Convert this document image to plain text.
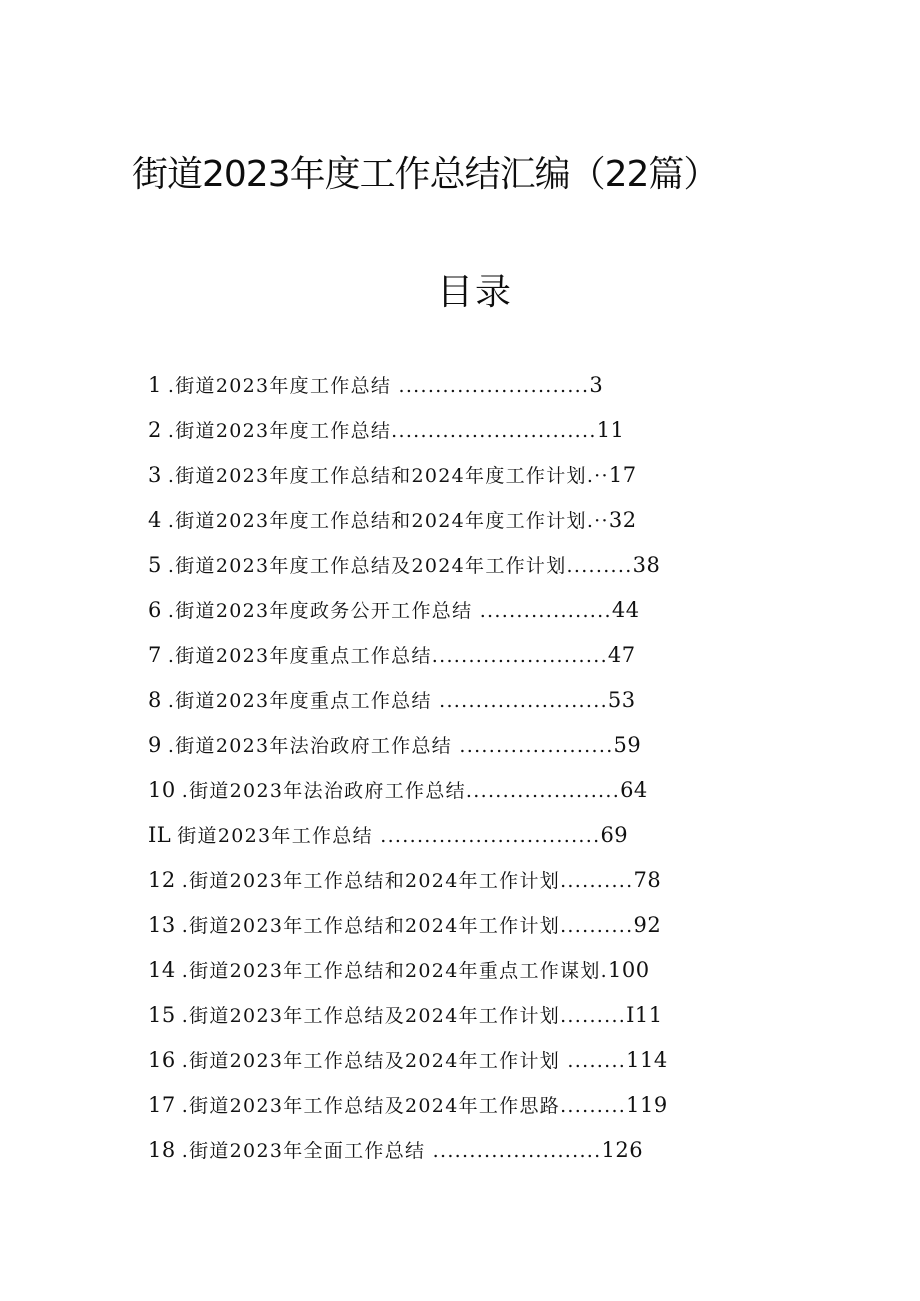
街道2023年度工作总结汇编（22篇）
目录
1 .街道2023年度工作总结 ..........................3
2 .街道2023年度工作总结............................11
3 .街道2023年度工作总结和2024年度工作计划.··17
4 .街道2023年度工作总结和2024年度工作计划.··32
5 .街道2023年度工作总结及2024年工作计划.........38
6 .街道2023年度政务公开工作总结 ..................44
7 .街道2023年度重点工作总结........................47
8 .街道2023年度重点工作总结 .......................53
9 .街道2023年法治政府工作总结 .....................59
10 .街道2023年法治政府工作总结.....................64
IL 街道2023年工作总结 ..............................69
12 .街道2023年工作总结和2024年工作计划..........78
13 .街道2023年工作总结和2024年工作计划..........92
14 .街道2023年工作总结和2024年重点工作谋划.100
15 .街道2023年工作总结及2024年工作计划.........I11
16 .街道2023年工作总结及2024年工作计划 ........114
17 .街道2023年工作总结及2024年工作思路.........119
18 .街道2023年全面工作总结 .......................126
